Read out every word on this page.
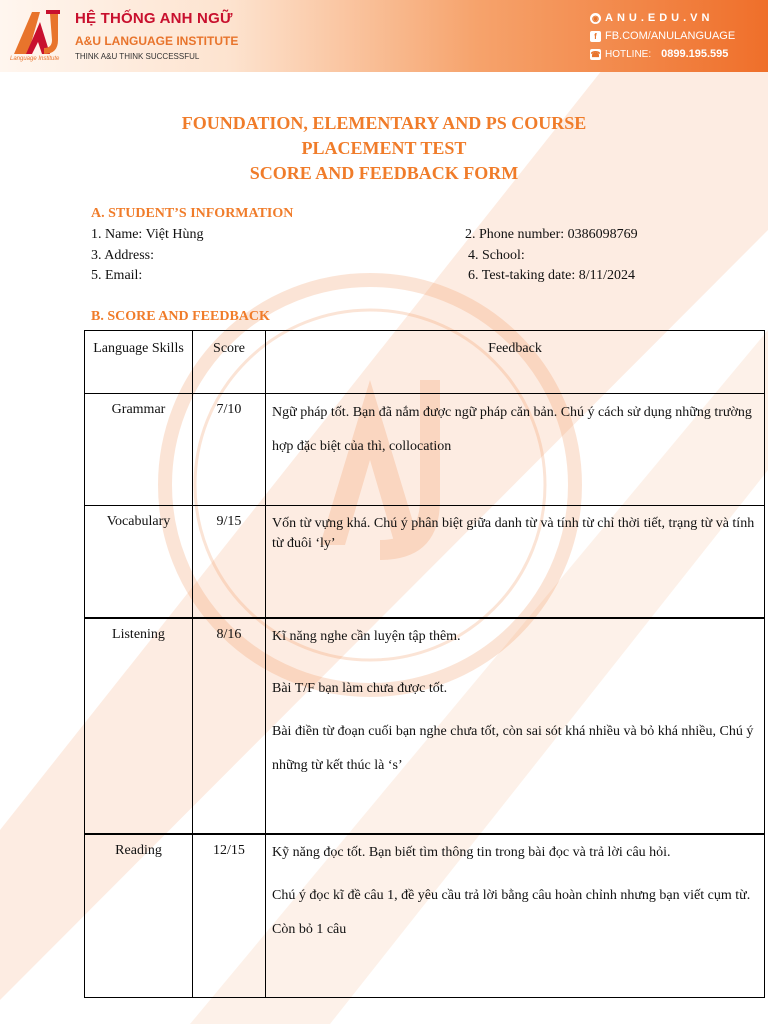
Language Institute
HỆ THỐNG ANH NGỮ
A&U LANGUAGE INSTITUTE
THINK A&U THINK SUCCESSFUL
◉ ANU.EDU.VN
f FB.COM/ANULANGUAGE
☎ HOTLINE: 0899.195.595
FOUNDATION, ELEMENTARY AND PS COURSE
PLACEMENT TEST
SCORE AND FEEDBACK FORM
A. STUDENT’S INFORMATION
1. Name: Việt Hùng	2. Phone number: 0386098769
3. Address:	4. School:
5. Email:	6. Test-taking date: 8/11/2024
B. SCORE AND FEEDBACK
Language Skills	Score	Feedback
Grammar	7/10	Ngữ pháp tốt. Bạn đã nắm được ngữ pháp căn bản. Chú ý cách sử dụng những trường hợp đặc biệt của thì, collocation

Vocabulary	9/15	Vốn từ vựng khá. Chú ý phân biệt giữa danh từ và tính từ chỉ thời tiết, trạng từ và tính từ đuôi ‘ly’

Listening	8/16	Kĩ năng nghe cần luyện tập thêm.

Bài T/F bạn làm chưa được tốt.

Bài điền từ đoạn cuối bạn nghe chưa tốt, còn sai sót khá nhiều và bỏ khá nhiều, Chú ý những từ kết thúc là ‘s’

Reading	12/15	Kỹ năng đọc tốt. Bạn biết tìm thông tin trong bài đọc và trả lời câu hỏi.

Chú ý đọc kĩ đề câu 1, đề yêu cầu trả lời bằng câu hoàn chỉnh nhưng bạn viết cụm từ. Còn bỏ 1 câu
